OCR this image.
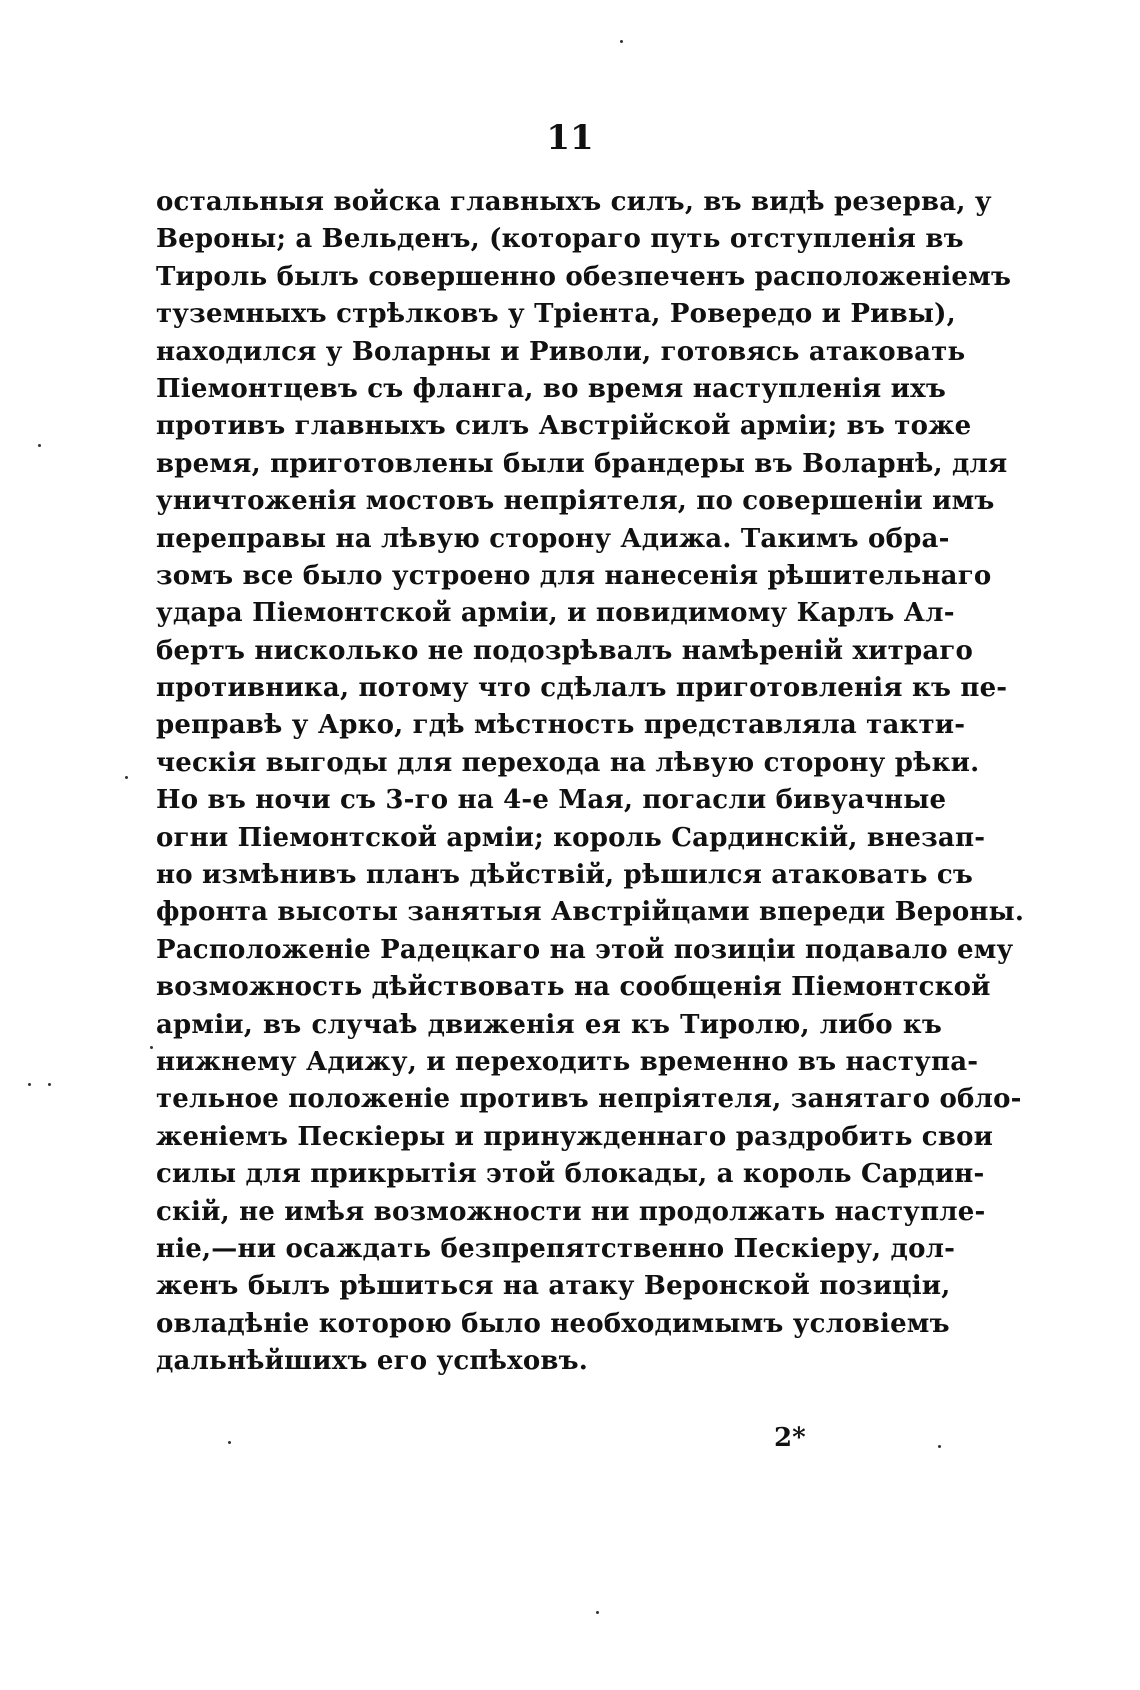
11
остальныя войска главныхъ силъ, въ видѣ резерва, у
Вероны; а Вельденъ, (котораго путь отступленія въ
Тироль былъ совершенно обезпеченъ расположеніемъ
туземныхъ стрѣлковъ у Тріента, Ровередо и Ривы),
находился у Воларны и Риволи, готовясь атаковать
Піемонтцевъ съ фланга, во время наступленія ихъ
противъ главныхъ силъ Австрійской арміи; въ тоже
время, приготовлены были брандеры въ Воларнѣ, для
уничтоженія мостовъ непріятеля, по совершеніи имъ
переправы на лѣвую сторону Адижа. Такимъ обра-
зомъ все было устроено для нанесенія рѣшительнаго
удара Піемонтской арміи, и повидимому Карлъ Ал-
бертъ нисколько не подозрѣвалъ намѣреній хитраго
противника, потому что сдѣлалъ приготовленія къ пе-
реправѣ у Арко, гдѣ мѣстность представляла такти-
ческія выгоды для перехода на лѣвую сторону рѣки.
Но въ ночи съ 3-го на 4-е Мая, погасли бивуачные
огни Піемонтской арміи; король Сардинскій, внезап-
но измѣнивъ планъ дѣйствій, рѣшился атаковать съ
фронта высоты занятыя Австрійцами впереди Вероны.
Расположеніе Радецкаго на этой позиціи подавало ему
возможность дѣйствовать на сообщенія Піемонтской
арміи, въ случаѣ движенія ея къ Тиролю, либо къ
нижнему Адижу, и переходить временно въ наступа-
тельное положеніе противъ непріятеля, занятаго обло-
женіемъ Пескіеры и принужденнаго раздробить свои
силы для прикрытія этой блокады, а король Сардин-
скій, не имѣя возможности ни продолжать наступле-
ніе,—ни осаждать безпрепятственно Пескіеру, дол-
женъ былъ рѣшиться на атаку Веронской позиціи,
овладѣніе которою было необходимымъ условіемъ
дальнѣйшихъ его успѣховъ.
2*
